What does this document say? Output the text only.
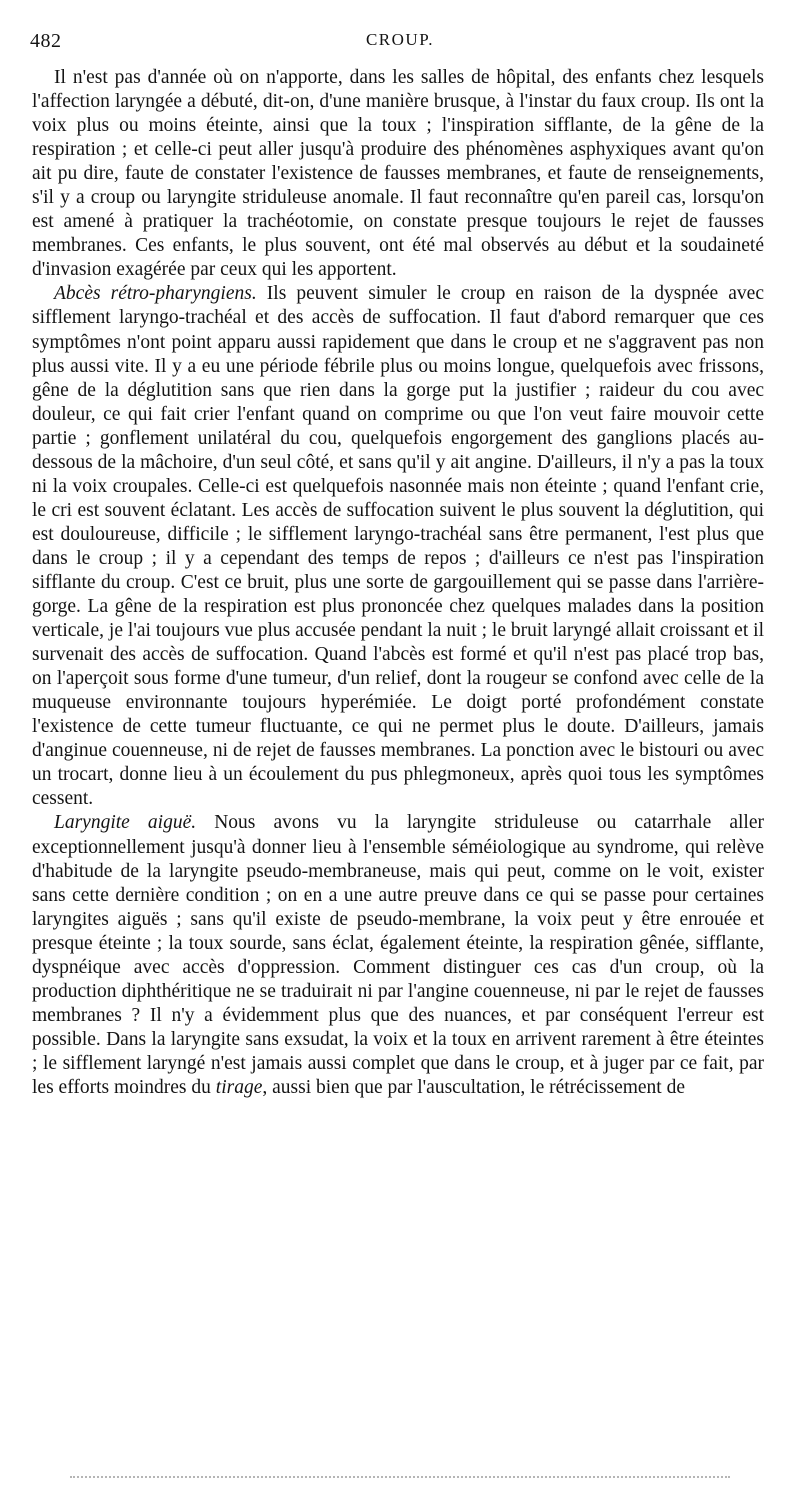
482	CROUP.

Il n'est pas d'année où on n'apporte, dans les salles de hôpital, des enfants chez lesquels l'affection laryngée a débuté, dit-on, d'une manière brusque, à l'instar du faux croup. Ils ont la voix plus ou moins éteinte, ainsi que la toux ; l'inspiration sifflante, de la gêne de la respiration ; et celle-ci peut aller jusqu'à produire des phénomènes asphyxiques avant qu'on ait pu dire, faute de constater l'existence de fausses membranes, et faute de renseignements, s'il y a croup ou laryngite striduleuse anomale. Il faut reconnaître qu'en pareil cas, lorsqu'on est amené à pratiquer la trachéotomie, on constate presque toujours le rejet de fausses membranes. Ces enfants, le plus souvent, ont été mal observés au début et la soudaineté d'invasion exagérée par ceux qui les apportent.

Abcès rétro-pharyngiens. Ils peuvent simuler le croup en raison de la dyspnée avec sifflement laryngo-trachéal et des accès de suffocation. Il faut d'abord remarquer que ces symptômes n'ont point apparu aussi rapidement que dans le croup et ne s'aggravent pas non plus aussi vite. Il y a eu une période fébrile plus ou moins longue, quelquefois avec frissons, gêne de la déglutition sans que rien dans la gorge put la justifier ; raideur du cou avec douleur, ce qui fait crier l'enfant quand on comprime ou que l'on veut faire mouvoir cette partie ; gonflement unilatéral du cou, quelquefois engorgement des ganglions placés au-dessous de la mâchoire, d'un seul côté, et sans qu'il y ait angine. D'ailleurs, il n'y a pas la toux ni la voix croupales. Celle-ci est quelquefois nasonnée mais non éteinte ; quand l'enfant crie, le cri est souvent éclatant. Les accès de suffocation suivent le plus souvent la déglutition, qui est douloureuse, difficile ; le sifflement laryngo-trachéal sans être permanent, l'est plus que dans le croup ; il y a cependant des temps de repos ; d'ailleurs ce n'est pas l'inspiration sifflante du croup. C'est ce bruit, plus une sorte de gargouillement qui se passe dans l'arrière-gorge. La gêne de la respiration est plus prononcée chez quelques malades dans la position verticale, je l'ai toujours vue plus accusée pendant la nuit ; le bruit laryngé allait croissant et il survenait des accès de suffocation. Quand l'abcès est formé et qu'il n'est pas placé trop bas, on l'aperçoit sous forme d'une tumeur, d'un relief, dont la rougeur se confond avec celle de la muqueuse environnante toujours hyperémiée. Le doigt porté profondément constate l'existence de cette tumeur fluctuante, ce qui ne permet plus le doute. D'ailleurs, jamais d'anginue couenneuse, ni de rejet de fausses membranes. La ponction avec le bistouri ou avec un trocart, donne lieu à un écoulement du pus phlegmoneux, après quoi tous les symptômes cessent.

Laryngite aiguë. Nous avons vu la laryngite striduleuse ou catarrhale aller exceptionnellement jusqu'à donner lieu à l'ensemble séméiologique au syndrome, qui relève d'habitude de la laryngite pseudo-membraneuse, mais qui peut, comme on le voit, exister sans cette dernière condition ; on en a une autre preuve dans ce qui se passe pour certaines laryngites aiguës ; sans qu'il existe de pseudo-membrane, la voix peut y être enrouée et presque éteinte ; la toux sourde, sans éclat, également éteinte, la respiration gênée, sifflante, dyspnéique avec accès d'oppression. Comment distinguer ces cas d'un croup, où la production diphthéritique ne se traduirait ni par l'angine couenneuse, ni par le rejet de fausses membranes ? Il n'y a évidemment plus que des nuances, et par conséquent l'erreur est possible. Dans la laryngite sans exsudat, la voix et la toux en arrivent rarement à être éteintes ; le sifflement laryngé n'est jamais aussi complet que dans le croup, et à juger par ce fait, par les efforts moindres du tirage, aussi bien que par l'auscultation, le rétrécissement de
